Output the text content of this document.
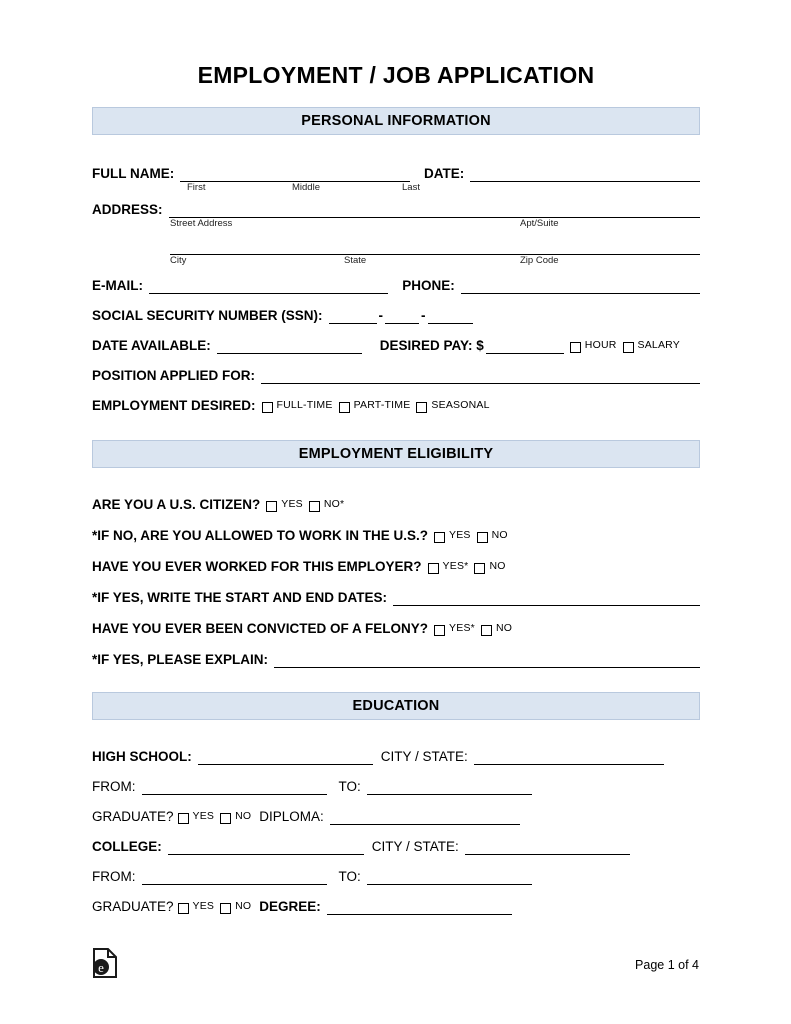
EMPLOYMENT / JOB APPLICATION
PERSONAL INFORMATION
FULL NAME:	DATE:
First	Middle	Last
ADDRESS:
Street Address	Apt/Suite
City	State	Zip Code
E-MAIL:	PHONE:
SOCIAL SECURITY NUMBER (SSN):	-	-
DATE AVAILABLE:	DESIRED PAY: $	HOUR SALARY
POSITION APPLIED FOR:
EMPLOYMENT DESIRED: FULL-TIME PART-TIME SEASONAL
EMPLOYMENT ELIGIBILITY
ARE YOU A U.S. CITIZEN? YES NO*
*IF NO, ARE YOU ALLOWED TO WORK IN THE U.S.? YES NO
HAVE YOU EVER WORKED FOR THIS EMPLOYER? YES* NO
*IF YES, WRITE THE START AND END DATES:
HAVE YOU EVER BEEN CONVICTED OF A FELONY? YES* NO
*IF YES, PLEASE EXPLAIN:
EDUCATION
HIGH SCHOOL:	CITY / STATE:
FROM:	TO:
GRADUATE? YES NO DIPLOMA:
COLLEGE:	CITY / STATE:
FROM:	TO:
GRADUATE? YES NO DEGREE:
e	Page 1 of 4
